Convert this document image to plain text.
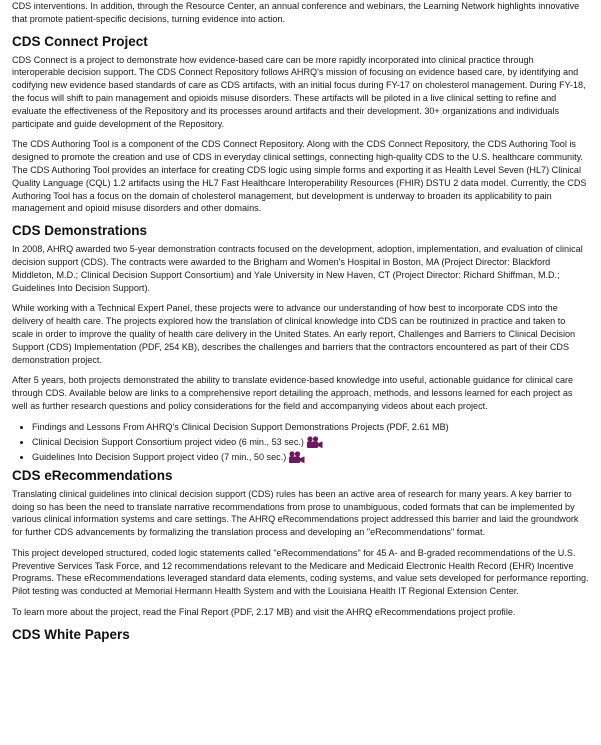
CDS interventions. In addition, through the Resource Center, an annual conference and webinars, the Learning Network highlights innovative that promote patient-specific decisions, turning evidence into action.

CDS Connect Project

CDS Connect is a project to demonstrate how evidence-based care can be more rapidly incorporated into clinical practice through interoperable decision support. The CDS Connect Repository follows AHRQ's mission of focusing on evidence based care, by identifying and codifying new evidence based standards of care as CDS artifacts, with an initial focus during FY-17 on cholesterol management. During FY-18, the focus will shift to pain management and opioids misuse disorders. These artifacts will be piloted in a live clinical setting to refine and evaluate the effectiveness of the Repository and its processes around artifacts and their development. 30+ organizations and individuals participate and guide development of the Repository.

The CDS Authoring Tool is a component of the CDS Connect Repository. Along with the CDS Connect Repository, the CDS Authoring Tool is designed to promote the creation and use of CDS in everyday clinical settings, connecting high-quality CDS to the U.S. healthcare community. The CDS Authoring Tool provides an interface for creating CDS logic using simple forms and exporting it as Health Level Seven (HL7) Clinical Quality Language (CQL) 1.2 artifacts using the HL7 Fast Healthcare Interoperability Resources (FHIR) DSTU 2 data model. Currently, the CDS Authoring Tool has a focus on the domain of cholesterol management, but development is underway to broaden its applicability to pain management and opioid misuse disorders and other domains.

CDS Demonstrations

In 2008, AHRQ awarded two 5-year demonstration contracts focused on the development, adoption, implementation, and evaluation of clinical decision support (CDS). The contracts were awarded to the Brigham and Women's Hospital in Boston, MA (Project Director: Blackford Middleton, M.D.; Clinical Decision Support Consortium) and Yale University in New Haven, CT (Project Director: Richard Shiffman, M.D.; Guidelines Into Decision Support).

While working with a Technical Expert Panel, these projects were to advance our understanding of how best to incorporate CDS into the delivery of health care. The projects explored how the translation of clinical knowledge into CDS can be routinized in practice and taken to scale in order to improve the quality of health care delivery in the United States. An early report, Challenges and Barriers to Clinical Decision Support (CDS) Implementation (PDF, 254 KB), describes the challenges and barriers that the contractors encountered as part of their CDS demonstration project.

After 5 years, both projects demonstrated the ability to translate evidence-based knowledge into useful, actionable guidance for clinical care through CDS. Available below are links to a comprehensive report detailing the approach, methods, and lessons learned for each project as well as further research questions and policy considerations for the field and accompanying videos about each project.

• Findings and Lessons From AHRQ's Clinical Decision Support Demonstrations Projects (PDF, 2.61 MB)
• Clinical Decision Support Consortium project video (6 min., 53 sec.)
• Guidelines Into Decision Support project video (7 min., 50 sec.)
CDS eRecommendations

Translating clinical guidelines into clinical decision support (CDS) rules has been an active area of research for many years. A key barrier to doing so has been the need to translate narrative recommendations from prose to unambiguous, coded formats that can be implemented by various clinical information systems and care settings. The AHRQ eRecommendations project addressed this barrier and laid the groundwork for further CDS advancements by formalizing the translation process and developing an "eRecommendations" format.

This project developed structured, coded logic statements called "eRecommendations" for 45 A- and B-graded recommendations of the U.S. Preventive Services Task Force, and 12 recommendations relevant to the Medicare and Medicaid Electronic Health Record (EHR) Incentive Programs. These eRecommendations leveraged standard data elements, coding systems, and value sets developed for performance reporting. Pilot testing was conducted at Memorial Hermann Health System and with the Louisiana Health IT Regional Extension Center.

To learn more about the project, read the Final Report (PDF, 2.17 MB) and visit the AHRQ eRecommendations project profile.

CDS White Papers
